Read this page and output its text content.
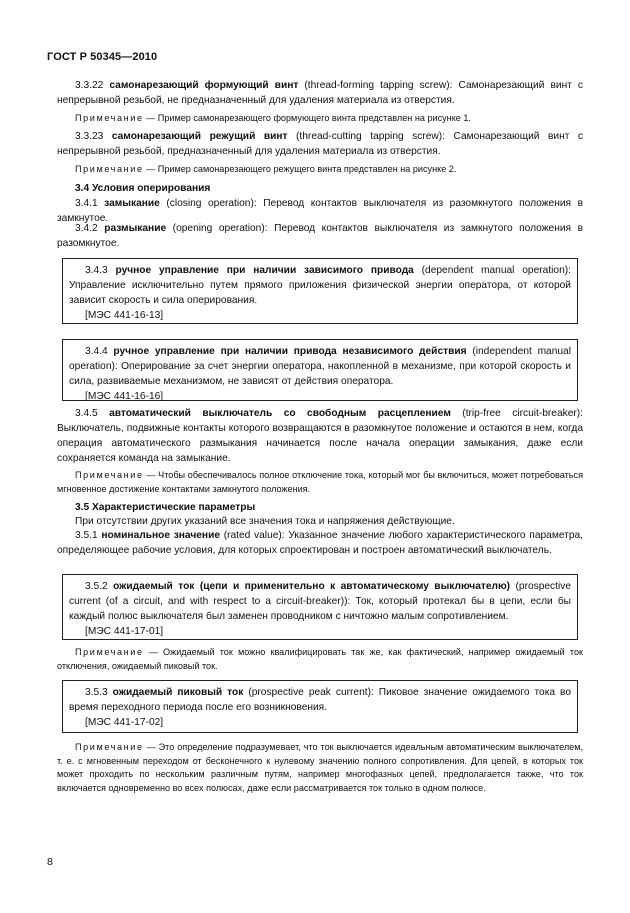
ГОСТ Р 50345—2010
3.3.22 самонарезающий формующий винт (thread-forming tapping screw): Самонарезающий винт с непрерывной резьбой, не предназначенный для удаления материала из отверстия.
Примечание — Пример самонарезающего формующего винта представлен на рисунке 1.
3.3.23 самонарезающий режущий винт (thread-cutting tapping screw): Самонарезающий винт с непрерывной резьбой, предназначенный для удаления материала из отверстия.
Примечание — Пример самонарезающего режущего винта представлен на рисунке 2.
3.4 Условия оперирования
3.4.1 замыкание (closing operation): Перевод контактов выключателя из разомкнутого положения в замкнутое.
3.4.2 размыкание (opening operation): Перевод контактов выключателя из замкнутого положения в разомкнутое.
3.4.3 ручное управление при наличии зависимого привода (dependent manual operation): Управление исключительно путем прямого приложения физической энергии оператора, от которой зависит скорость и сила оперирования.
[МЭС 441-16-13]
3.4.4 ручное управление при наличии привода независимого действия (independent manual operation): Оперирование за счет энергии оператора, накопленной в механизме, при которой скорость и сила, развиваемые механизмом, не зависят от действия оператора.
[МЭС 441-16-16]
3.4.5 автоматический выключатель со свободным расцеплением (trip-free circuit-breaker): Выключатель, подвижные контакты которого возвращаются в разомкнутое положение и остаются в нем, когда операция автоматического размыкания начинается после начала операции замыкания, даже если сохраняется команда на замыкание.
Примечание — Чтобы обеспечивалось полное отключение тока, который мог бы включиться, может потребоваться мгновенное достижение контактами замкнутого положения.
3.5 Характеристические параметры
При отсутствии других указаний все значения тока и напряжения действующие.
3.5.1 номинальное значение (rated value): Указанное значение любого характеристического параметра, определяющее рабочие условия, для которых спроектирован и построен автоматический выключатель.
3.5.2 ожидаемый ток (цепи и применительно к автоматическому выключателю) (prospective current (of a circuit, and with respect to a circuit-breaker)): Ток, который протекал бы в цепи, если бы каждый полюс выключателя был заменен проводником с ничтожно малым сопротивлением.
[МЭС 441-17-01]
Примечание — Ожидаемый ток можно квалифицировать так же, как фактический, например ожидаемый ток отключения, ожидаемый пиковый ток.
3.5.3 ожидаемый пиковый ток (prospective peak current): Пиковое значение ожидаемого тока во время переходного периода после его возникновения.
[МЭС 441-17-02]
Примечание — Это определение подразумевает, что ток выключается идеальным автоматическим выключателем, т. е. с мгновенным переходом от бесконечного к нулевому значению полного сопротивления. Для цепей, в которых ток может проходить по нескольким различным путям, например многофазных цепей, предполагается также, что ток включается одновременно во всех полюсах, даже если рассматривается ток только в одном полюсе.
8
